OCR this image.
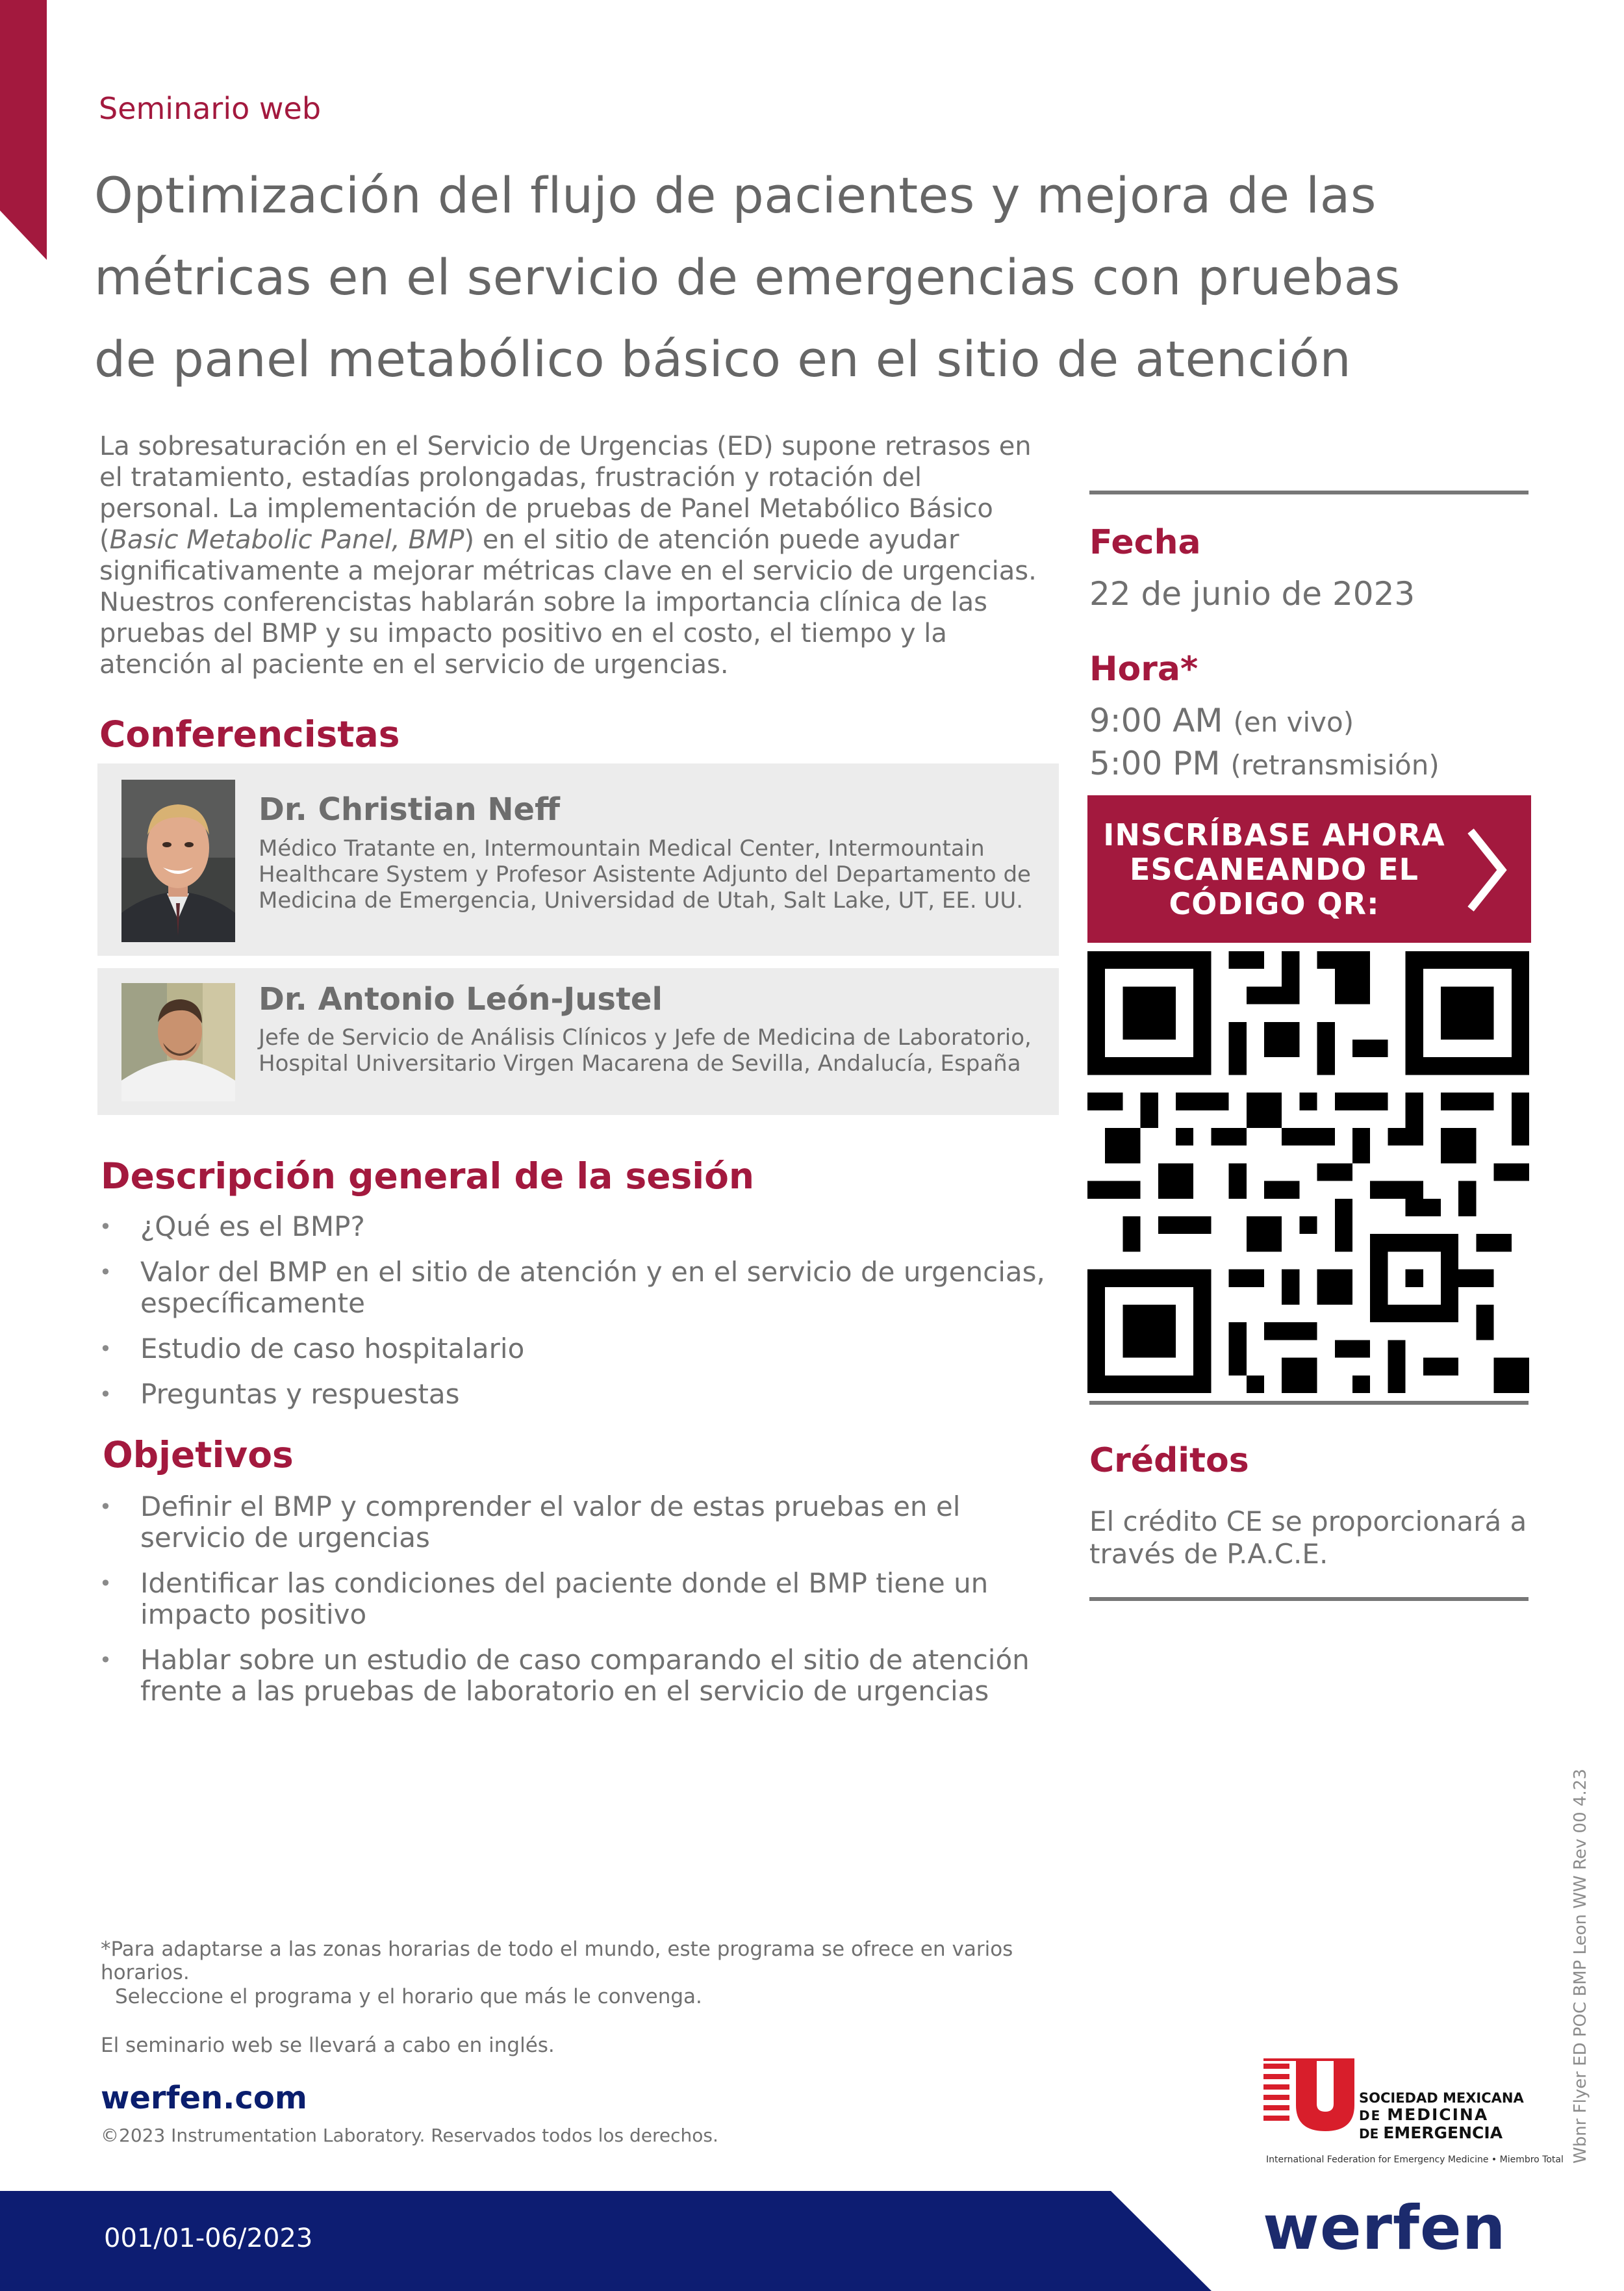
Seminario web
Optimización del flujo de pacientes y mejora de las métricas en el servicio de emergencias con pruebas de panel metabólico básico en el sitio de atención
La sobresaturación en el Servicio de Urgencias (ED) supone retrasos en el tratamiento, estadías prolongadas, frustración y rotación del personal. La implementación de pruebas de Panel Metabólico Básico (Basic Metabolic Panel, BMP) en el sitio de atención puede ayudar significativamente a mejorar métricas clave en el servicio de urgencias. Nuestros conferencistas hablarán sobre la importancia clínica de las pruebas del BMP y su impacto positivo en el costo, el tiempo y la atención al paciente en el servicio de urgencias.
Conferencistas
Dr. Christian Neff
Médico Tratante en, Intermountain Medical Center, Intermountain Healthcare System y Profesor Asistente Adjunto del Departamento de Medicina de Emergencia, Universidad de Utah, Salt Lake, UT, EE. UU.
Dr. Antonio León-Justel
Jefe de Servicio de Análisis Clínicos y Jefe de Medicina de Laboratorio, Hospital Universitario Virgen Macarena de Sevilla, Andalucía, España
Descripción general de la sesión
• ¿Qué es el BMP?
• Valor del BMP en el sitio de atención y en el servicio de urgencias, específicamente
• Estudio de caso hospitalario
• Preguntas y respuestas
Objetivos
• Definir el BMP y comprender el valor de estas pruebas en el servicio de urgencias
• Identificar las condiciones del paciente donde el BMP tiene un impacto positivo
• Hablar sobre un estudio de caso comparando el sitio de atención frente a las pruebas de laboratorio en el servicio de urgencias
Fecha
22 de junio de 2023
Hora*
9:00 AM (en vivo)
5:00 PM (retransmisión)
INSCRÍBASE AHORA
ESCANEANDO EL
CÓDIGO QR:
Créditos
El crédito CE se proporcionará a través de P.A.C.E.
*Para adaptarse a las zonas horarias de todo el mundo, este programa se ofrece en varios horarios.
Seleccione el programa y el horario que más le convenga.
El seminario web se llevará a cabo en inglés.
werfen.com
©2023 Instrumentation Laboratory. Reservados todos los derechos.
SOCIEDAD MEXICANA
DE MEDICINA
DE EMERGENCIA
International Federation for Emergency Medicine • Miembro Total Wbnr Flyer ED POC BMP Leon WW Rev 00 4.23
001/01-06/2023	werfen
